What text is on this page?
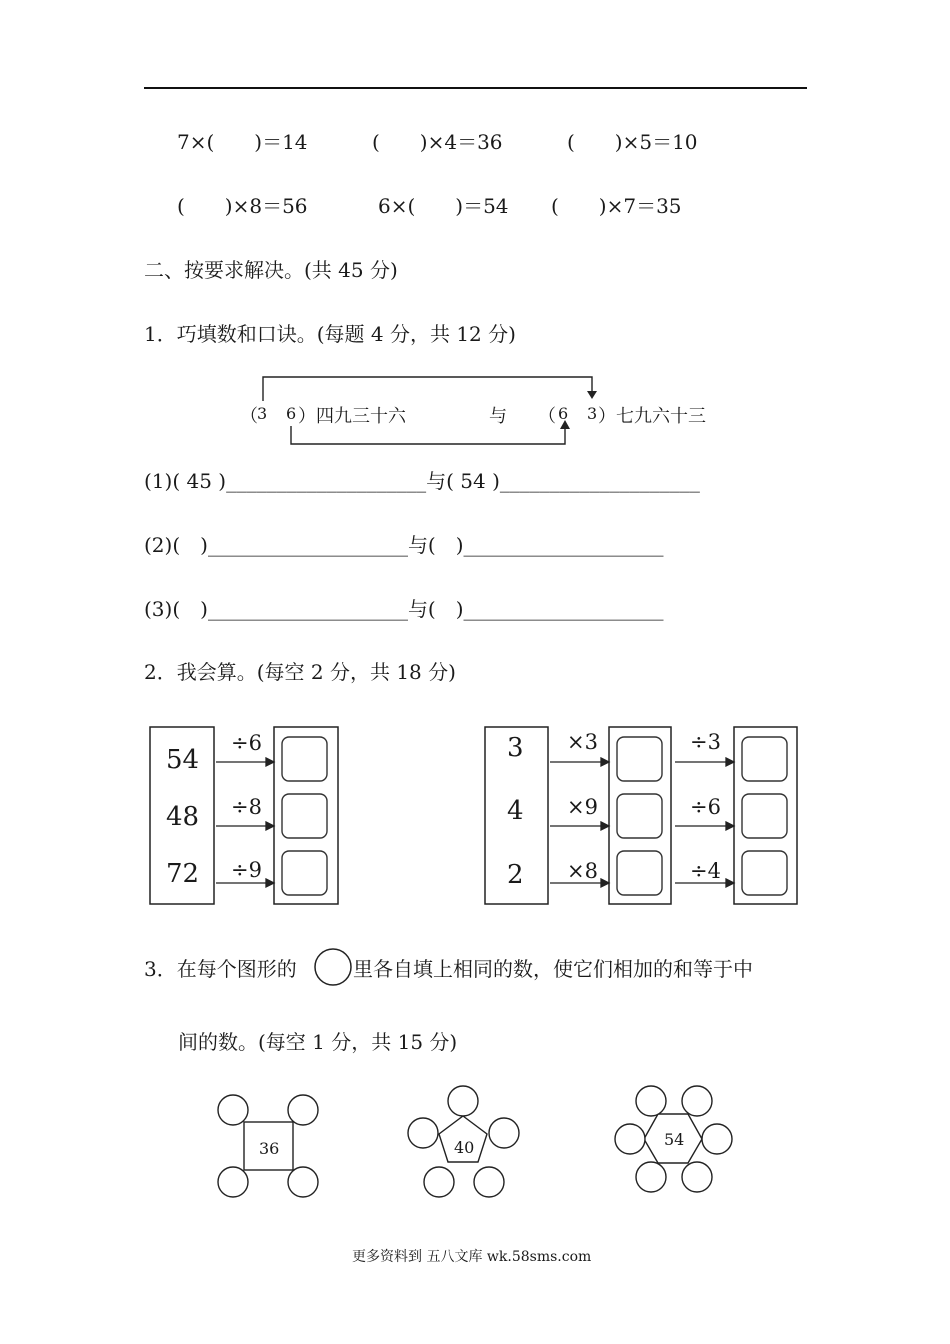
7×(　　)＝14	(　　)×4＝36	(　　)×5＝10
(　　)×8＝56	6×(　　)＝54 (　　)×7＝35
二、按要求解决。(共 45 分)
1．巧填数和口诀。(每题 4 分，共 12 分)
（ 3 6 ）四九三十六	与 （ 6 3 ）七九六十三
(1)( 45 )____________________与( 54 )____________________
(2)(　)____________________与(　)____________________
(3)(　)____________________与(　)____________________
2．我会算。(每空 2 分，共 18 分)
54
48
72
÷6
÷8
÷9
3
4
2
×3
×9
×8
÷3
÷6
÷4
3．在每个图形的	里各自填上相同的数，使它们相加的和等于中
间的数。(每空 1 分，共 15 分)
36	40	54
更多资料到 五八文库 wk.58sms.com
